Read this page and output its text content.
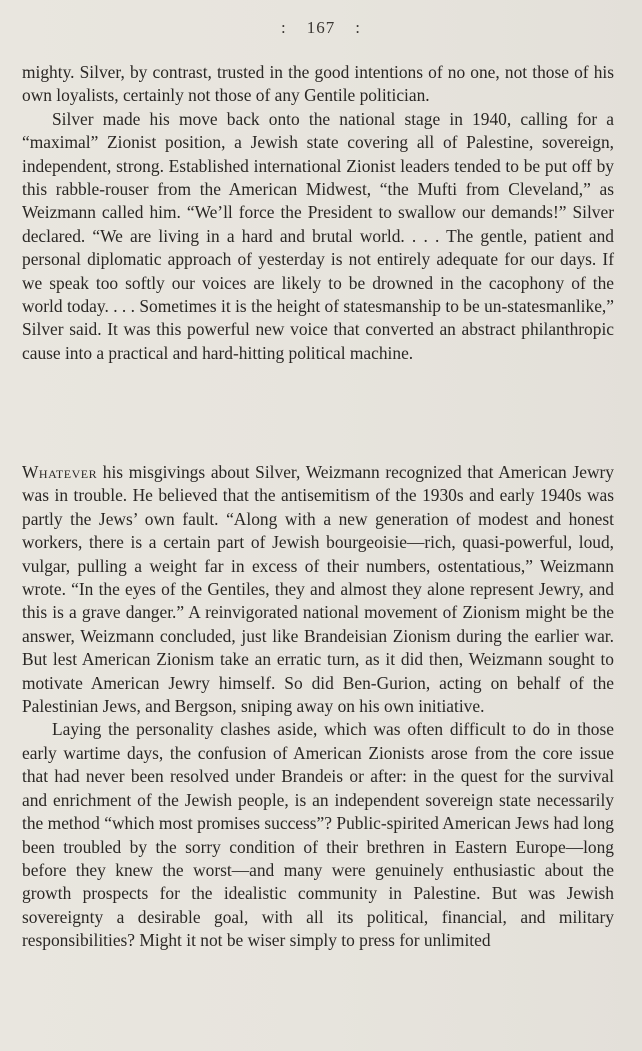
: 167 :

mighty. Silver, by contrast, trusted in the good intentions of no one, not those of his own loyalists, certainly not those of any Gentile politician.

Silver made his move back onto the national stage in 1940, calling for a “maximal” Zionist position, a Jewish state covering all of Palestine, sovereign, independent, strong. Established international Zionist leaders tended to be put off by this rabble-rouser from the American Midwest, “the Mufti from Cleveland,” as Weizmann called him. “We’ll force the President to swallow our demands!” Silver declared. “We are living in a hard and brutal world. . . . The gentle, patient and personal diplomatic approach of yesterday is not entirely adequate for our days. If we speak too softly our voices are likely to be drowned in the cacophony of the world today. . . . Sometimes it is the height of statesmanship to be un-statesmanlike,” Silver said. It was this powerful new voice that converted an abstract philanthropic cause into a practical and hard-hitting political machine.

Whatever his misgivings about Silver, Weizmann recognized that American Jewry was in trouble. He believed that the antisemitism of the 1930s and early 1940s was partly the Jews’ own fault. “Along with a new generation of modest and honest workers, there is a certain part of Jewish bourgeoisie—rich, quasi-powerful, loud, vulgar, pulling a weight far in excess of their numbers, ostentatious,” Weizmann wrote. “In the eyes of the Gentiles, they and almost they alone represent Jewry, and this is a grave danger.” A reinvigorated national movement of Zionism might be the answer, Weizmann concluded, just like Brandeisian Zionism during the earlier war. But lest American Zionism take an erratic turn, as it did then, Weizmann sought to motivate American Jewry himself. So did Ben-Gurion, acting on behalf of the Palestinian Jews, and Bergson, sniping away on his own initiative.

Laying the personality clashes aside, which was often difficult to do in those early wartime days, the confusion of American Zionists arose from the core issue that had never been resolved under Brandeis or after: in the quest for the survival and enrichment of the Jewish people, is an independent sovereign state necessarily the method “which most promises success”? Public-spirited American Jews had long been troubled by the sorry condition of their brethren in Eastern Europe—long before they knew the worst—and many were genuinely enthusiastic about the growth prospects for the idealistic community in Palestine. But was Jewish sovereignty a desirable goal, with all its political, financial, and military responsibilities? Might it not be wiser simply to press for unlimited
